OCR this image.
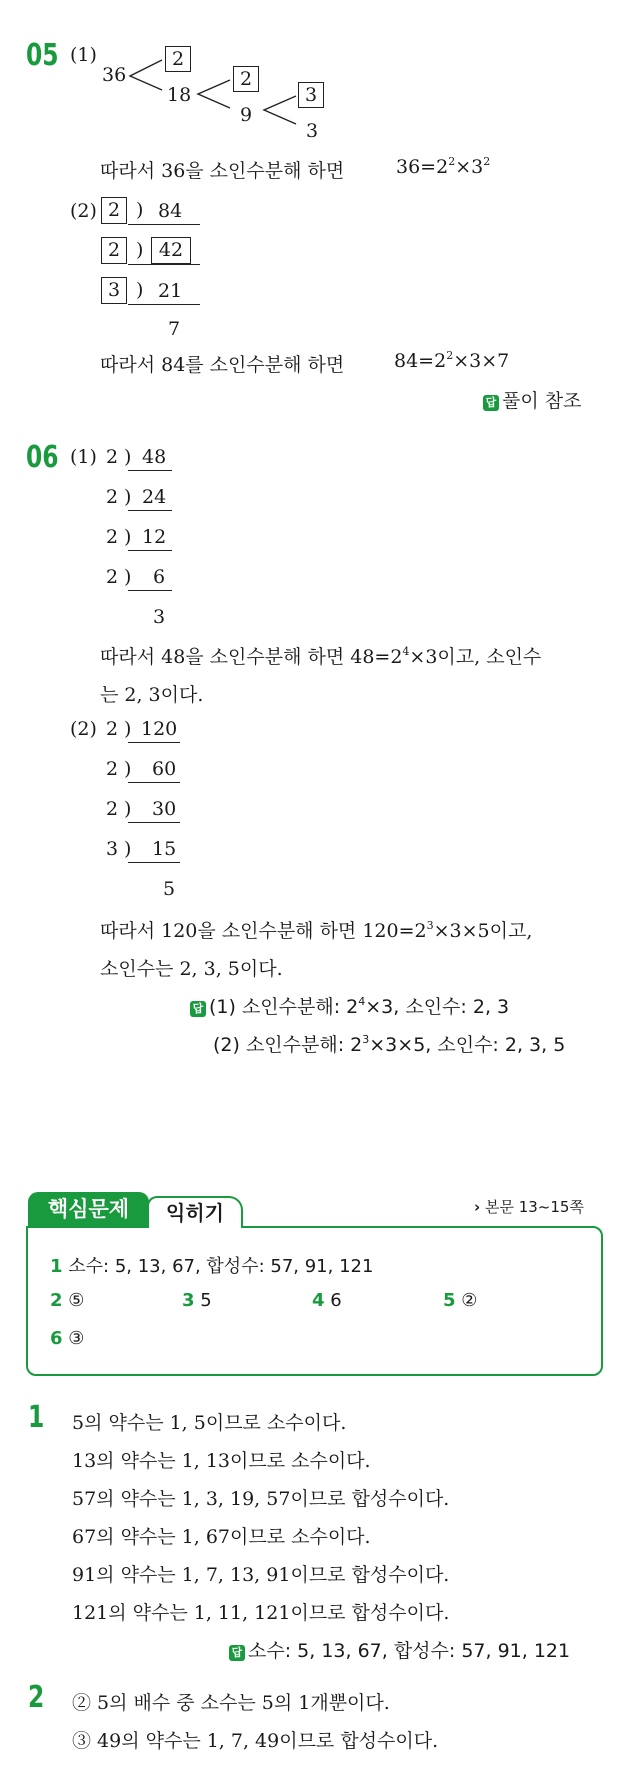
05 (1)
36
2
18
2
9
3
3
따라서 36을 소인수분해 하면	$36=2^2\times 3^2$
(2) 2 ) 84
2 ) 42
3 ) 21
7
따라서 84를 소인수분해 하면	$84=2^2\times 3\times 7$
답 풀이 참조
06 (1) 2 ) 48
2 ) 24
2 ) 12
2 ) 6
3
따라서 48을 소인수분해 하면 $48=2^4\times 3$이고, 소인수
는 2, 3이다.
(2) 2 ) 120
2 ) 60
2 ) 30
3 ) 15
5
따라서 120을 소인수분해 하면 $120=2^3\times 3\times 5$이고,
소인수는 2, 3, 5이다.
답 (1) 소인수분해: $2^4\times 3$, 소인수: 2, 3
(2) 소인수분해: $2^3\times 3\times 5$, 소인수: 2, 3, 5
핵심문제	익히기	› 본문 13~15쪽
1 소수: 5, 13, 67, 합성수: 57, 91, 121
2 ⑤	3 5	4 6	5 ②
6 ③
1 5의 약수는 1, 5이므로 소수이다.
13의 약수는 1, 13이므로 소수이다.
57의 약수는 1, 3, 19, 57이므로 합성수이다.
67의 약수는 1, 67이므로 소수이다.
91의 약수는 1, 7, 13, 91이므로 합성수이다.
121의 약수는 1, 11, 121이므로 합성수이다.
답 소수: 5, 13, 67, 합성수: 57, 91, 121
2 ② 5의 배수 중 소수는 5의 1개뿐이다.
③ 49의 약수는 1, 7, 49이므로 합성수이다.
